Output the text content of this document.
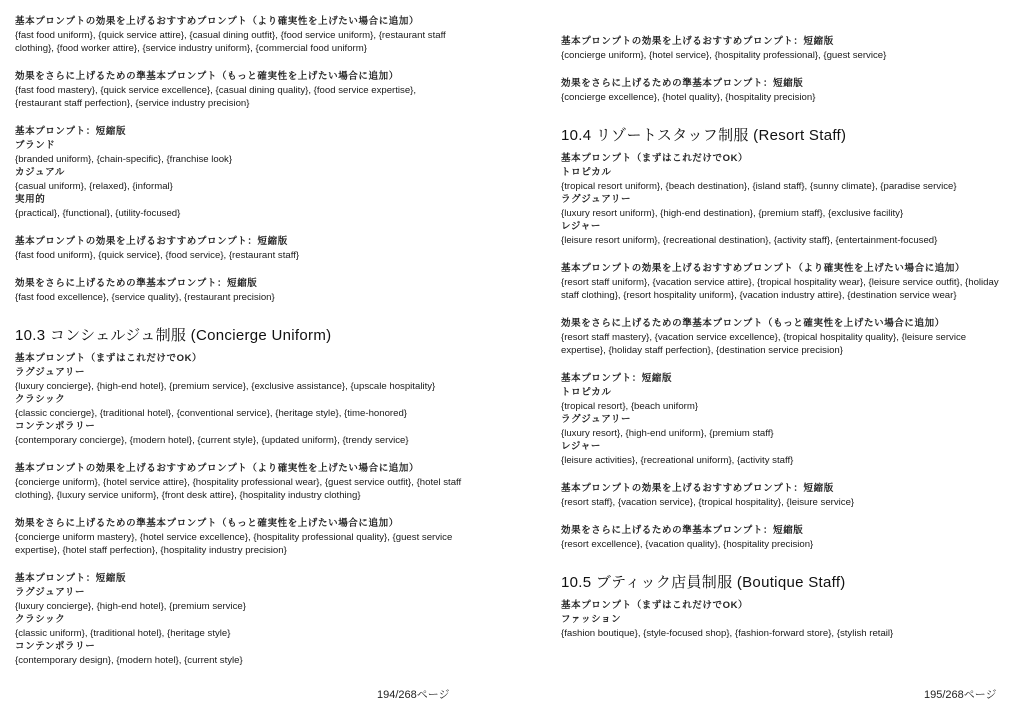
基本プロンプトの効果を上げるおすすめプロンプト（より確実性を上げたい場合に追加）
{fast food uniform}, {quick service attire}, {casual dining outfit}, {food service uniform}, {restaurant staff clothing}, {food worker attire}, {service industry uniform}, {commercial food uniform}
効果をさらに上げるための準基本プロンプト（もっと確実性を上げたい場合に追加）
{fast food mastery}, {quick service excellence}, {casual dining quality}, {food service expertise}, {restaurant staff perfection}, {service industry precision}
基本プロンプト：短縮版
ブランド
{branded uniform}, {chain-specific}, {franchise look}
カジュアル
{casual uniform}, {relaxed}, {informal}
実用的
{practical}, {functional}, {utility-focused}
基本プロンプトの効果を上げるおすすめプロンプト：短縮版
{fast food uniform}, {quick service}, {food service}, {restaurant staff}
効果をさらに上げるための準基本プロンプト：短縮版
{fast food excellence}, {service quality}, {restaurant precision}
10.3 コンシェルジュ制服 (Concierge Uniform)
基本プロンプト（まずはこれだけでOK）
ラグジュアリー
{luxury concierge}, {high-end hotel}, {premium service}, {exclusive assistance}, {upscale hospitality}
クラシック
{classic concierge}, {traditional hotel}, {conventional service}, {heritage style}, {time-honored}
コンテンポラリー
{contemporary concierge}, {modern hotel}, {current style}, {updated uniform}, {trendy service}
基本プロンプトの効果を上げるおすすめプロンプト（より確実性を上げたい場合に追加）
{concierge uniform}, {hotel service attire}, {hospitality professional wear}, {guest service outfit}, {hotel staff clothing}, {luxury service uniform}, {front desk attire}, {hospitality industry clothing}
効果をさらに上げるための準基本プロンプト（もっと確実性を上げたい場合に追加）
{concierge uniform mastery}, {hotel service excellence}, {hospitality professional quality}, {guest service expertise}, {hotel staff perfection}, {hospitality industry precision}
基本プロンプト：短縮版
ラグジュアリー
{luxury concierge}, {high-end hotel}, {premium service}
クラシック
{classic uniform}, {traditional hotel}, {heritage style}
コンテンポラリー
{contemporary design}, {modern hotel}, {current style}
194/268ページ
基本プロンプトの効果を上げるおすすめプロンプト：短縮版
{concierge uniform}, {hotel service}, {hospitality professional}, {guest service}
効果をさらに上げるための準基本プロンプト：短縮版
{concierge excellence}, {hotel quality}, {hospitality precision}
10.4 リゾートスタッフ制服 (Resort Staff)
基本プロンプト（まずはこれだけでOK）
トロピカル
{tropical resort uniform}, {beach destination}, {island staff}, {sunny climate}, {paradise service}
ラグジュアリー
{luxury resort uniform}, {high-end destination}, {premium staff}, {exclusive facility}
レジャー
{leisure resort uniform}, {recreational destination}, {activity staff}, {entertainment-focused}
基本プロンプトの効果を上げるおすすめプロンプト（より確実性を上げたい場合に追加）
{resort staff uniform}, {vacation service attire}, {tropical hospitality wear}, {leisure service outfit}, {holiday staff clothing}, {resort hospitality uniform}, {vacation industry attire}, {destination service wear}
効果をさらに上げるための準基本プロンプト（もっと確実性を上げたい場合に追加）
{resort staff mastery}, {vacation service excellence}, {tropical hospitality quality}, {leisure service expertise}, {holiday staff perfection}, {destination service precision}
基本プロンプト：短縮版
トロピカル
{tropical resort}, {beach uniform}
ラグジュアリー
{luxury resort}, {high-end uniform}, {premium staff}
レジャー
{leisure activities}, {recreational uniform}, {activity staff}
基本プロンプトの効果を上げるおすすめプロンプト：短縮版
{resort staff}, {vacation service}, {tropical hospitality}, {leisure service}
効果をさらに上げるための準基本プロンプト：短縮版
{resort excellence}, {vacation quality}, {hospitality precision}
10.5 ブティック店員制服 (Boutique Staff)
基本プロンプト（まずはこれだけでOK）
ファッション
{fashion boutique}, {style-focused shop}, {fashion-forward store}, {stylish retail}
195/268ページ
